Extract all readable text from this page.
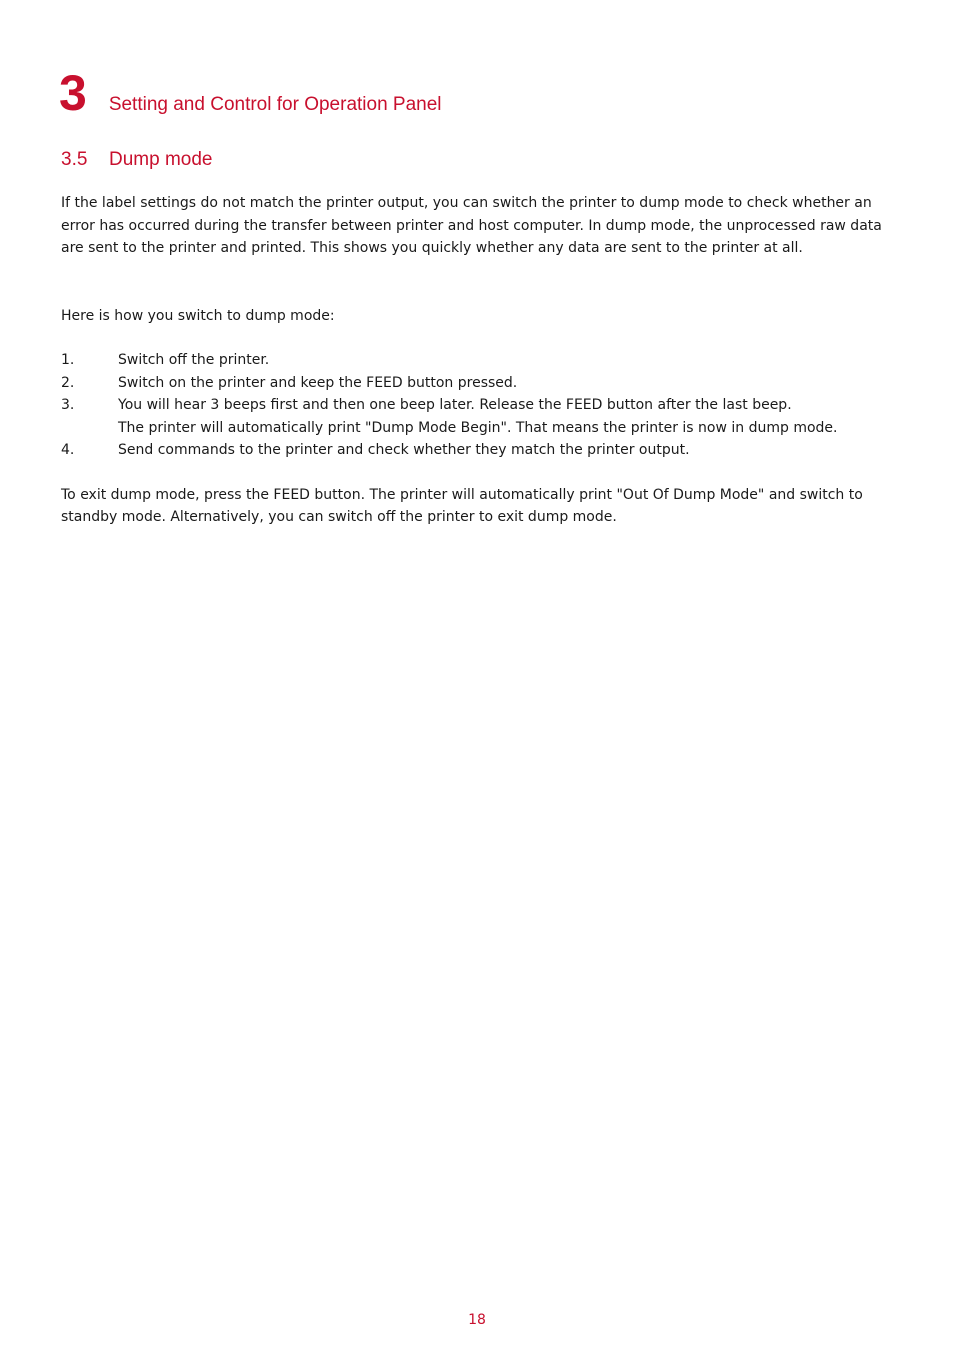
3 Setting and Control for Operation Panel
3.5	Dump mode

If the label settings do not match the printer output, you can switch the printer to dump mode to check whether an error has occurred during the transfer between printer and host computer. In dump mode, the unprocessed raw data are sent to the printer and printed. This shows you quickly whether any data are sent to the printer at all.

Here is how you switch to dump mode:

1.	Switch off the printer.
2.	Switch on the printer and keep the FEED button pressed.
3.	You will hear 3 beeps first and then one beep later. Release the FEED button after the last beep.
The printer will automatically print "Dump Mode Begin". That means the printer is now in dump mode.
4.	Send commands to the printer and check whether they match the printer output.

To exit dump mode, press the FEED button. The printer will automatically print "Out Of Dump Mode" and switch to standby mode. Alternatively, you can switch off the printer to exit dump mode.

18
